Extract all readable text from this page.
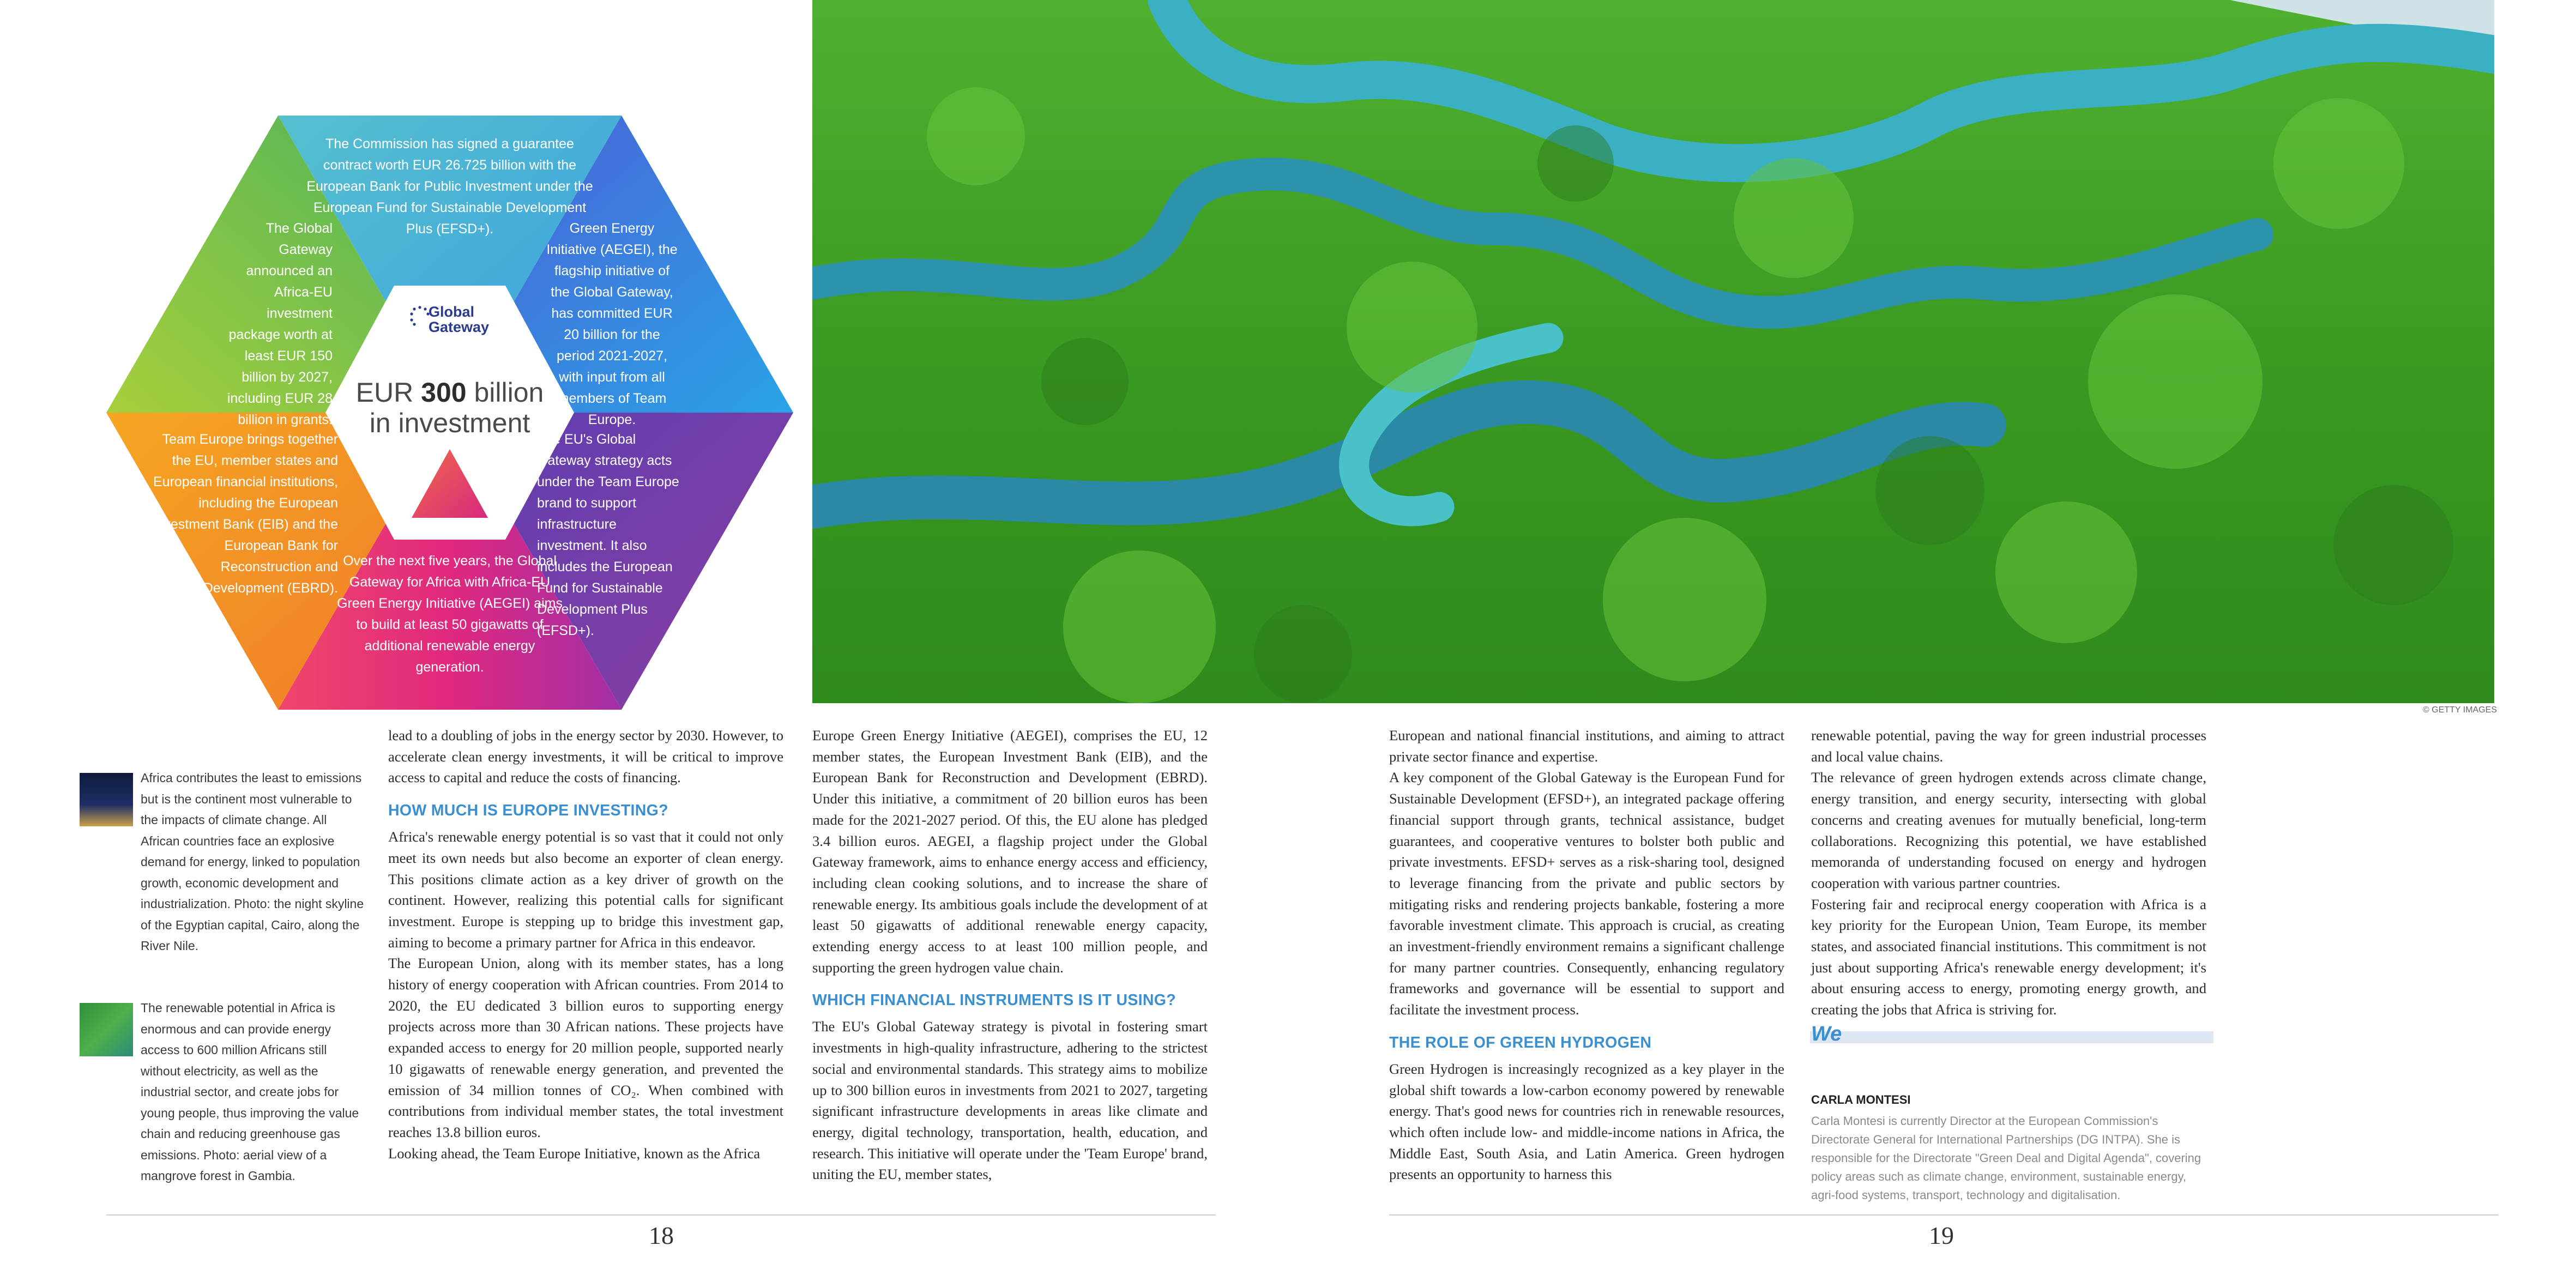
Global
Gateway
EUR 300 billion
in investment
The Commission has signed a guarantee contract worth EUR 26.725 billion with the European Bank for Public Investment under the European Fund for Sustainable Development Plus (EFSD+).
The Global Gateway announced an Africa-EU investment package worth at least EUR 150 billion by 2027, including EUR 28 billion in grants.
Green Energy Initiative (AEGEI), the flagship initiative of the Global Gateway, has committed EUR 20 billion for the period 2021-2027, with input from all members of Team Europe.
Team Europe brings together the EU, member states and European financial institutions, including the European Investment Bank (EIB) and the European Bank for Reconstruction and Development (EBRD).
The EU's Global Gateway strategy acts under the Team Europe brand to support infrastructure investment. It also includes the European Fund for Sustainable Development Plus (EFSD+).
Over the next five years, the Global Gateway for Africa with Africa-EU Green Energy Initiative (AEGEI) aims to build at least 50 gigawatts of additional renewable energy generation.
© GETTY IMAGES
Africa contributes the least to emissions but is the continent most vulnerable to the impacts of climate change. All African countries face an explosive demand for energy, linked to population growth, economic development and industrialization. Photo: the night skyline of the Egyptian capital, Cairo, along the River Nile.
The renewable potential in Africa is enormous and can provide energy access to 600 million Africans still without electricity, as well as the industrial sector, and create jobs for young people, thus improving the value chain and reducing greenhouse gas emissions. Photo: aerial view of a mangrove forest in Gambia.

lead to a doubling of jobs in the energy sector by 2030. However, to accelerate clean energy investments, it will be critical to improve access to capital and reduce the costs of financing.

HOW MUCH IS EUROPE INVESTING?

Africa's renewable energy potential is so vast that it could not only meet its own needs but also become an exporter of clean energy. This positions climate action as a key driver of growth on the continent. However, realizing this potential calls for significant investment. Europe is stepping up to bridge this investment gap, aiming to become a primary partner for Africa in this endeavor.

The European Union, along with its member states, has a long history of energy cooperation with African countries. From 2014 to 2020, the EU dedicated 3 billion euros to supporting energy projects across more than 30 African nations. These projects have expanded access to energy for 20 million people, supported nearly 10 gigawatts of renewable energy generation, and prevented the emission of 34 million tonnes of CO₂. When combined with contributions from individual member states, the total investment reaches 13.8 billion euros.

Looking ahead, the Team Europe Initiative, known as the Africa

Europe Green Energy Initiative (AEGEI), comprises the EU, 12 member states, the European Investment Bank (EIB), and the European Bank for Reconstruction and Development (EBRD). Under this initiative, a commitment of 20 billion euros has been made for the 2021-2027 period. Of this, the EU alone has pledged 3.4 billion euros. AEGEI, a flagship project under the Global Gateway framework, aims to enhance energy access and efficiency, including clean cooking solutions, and to increase the share of renewable energy. Its ambitious goals include the development of at least 50 gigawatts of additional renewable energy capacity, extending energy access to at least 100 million people, and supporting the green hydrogen value chain.

WHICH FINANCIAL INSTRUMENTS IS IT USING?

The EU's Global Gateway strategy is pivotal in fostering smart investments in high-quality infrastructure, adhering to the strictest social and environmental standards. This strategy aims to mobilize up to 300 billion euros in investments from 2021 to 2027, targeting significant infrastructure developments in areas like climate and energy, digital technology, transportation, health, education, and research. This initiative will operate under the 'Team Europe' brand, uniting the EU, member states,

European and national financial institutions, and aiming to attract private sector finance and expertise.

A key component of the Global Gateway is the European Fund for Sustainable Development (EFSD+), an integrated package offering financial support through grants, technical assistance, budget guarantees, and cooperative ventures to bolster both public and private investments. EFSD+ serves as a risk-sharing tool, designed to leverage financing from the private and public sectors by mitigating risks and rendering projects bankable, fostering a more favorable investment climate. This approach is crucial, as creating an investment-friendly environment remains a significant challenge for many partner countries. Consequently, enhancing regulatory frameworks and governance will be essential to support and facilitate the investment process.

THE ROLE OF GREEN HYDROGEN

Green Hydrogen is increasingly recognized as a key player in the global shift towards a low-carbon economy powered by renewable energy. That's good news for countries rich in renewable resources, which often include low- and middle-income nations in Africa, the Middle East, South Asia, and Latin America. Green hydrogen presents an opportunity to harness this

renewable potential, paving the way for green industrial processes and local value chains.

The relevance of green hydrogen extends across climate change, energy transition, and energy security, intersecting with global concerns and creating avenues for mutually beneficial, long-term collaborations. Recognizing this potential, we have established memoranda of understanding focused on energy and hydrogen cooperation with various partner countries.

Fostering fair and reciprocal energy cooperation with Africa is a key priority for the European Union, Team Europe, its member states, and associated financial institutions. This commitment is not just about supporting Africa's renewable energy development; it's about ensuring access to energy, promoting energy growth, and creating the jobs that Africa is striving for.

We
CARLA MONTESI
Carla Montesi is currently Director at the European Commission's Directorate General for International Partnerships (DG INTPA). She is responsible for the Directorate "Green Deal and Digital Agenda", covering policy areas such as climate change, environment, sustainable energy, agri-food systems, transport, technology and digitalisation.
18	19
